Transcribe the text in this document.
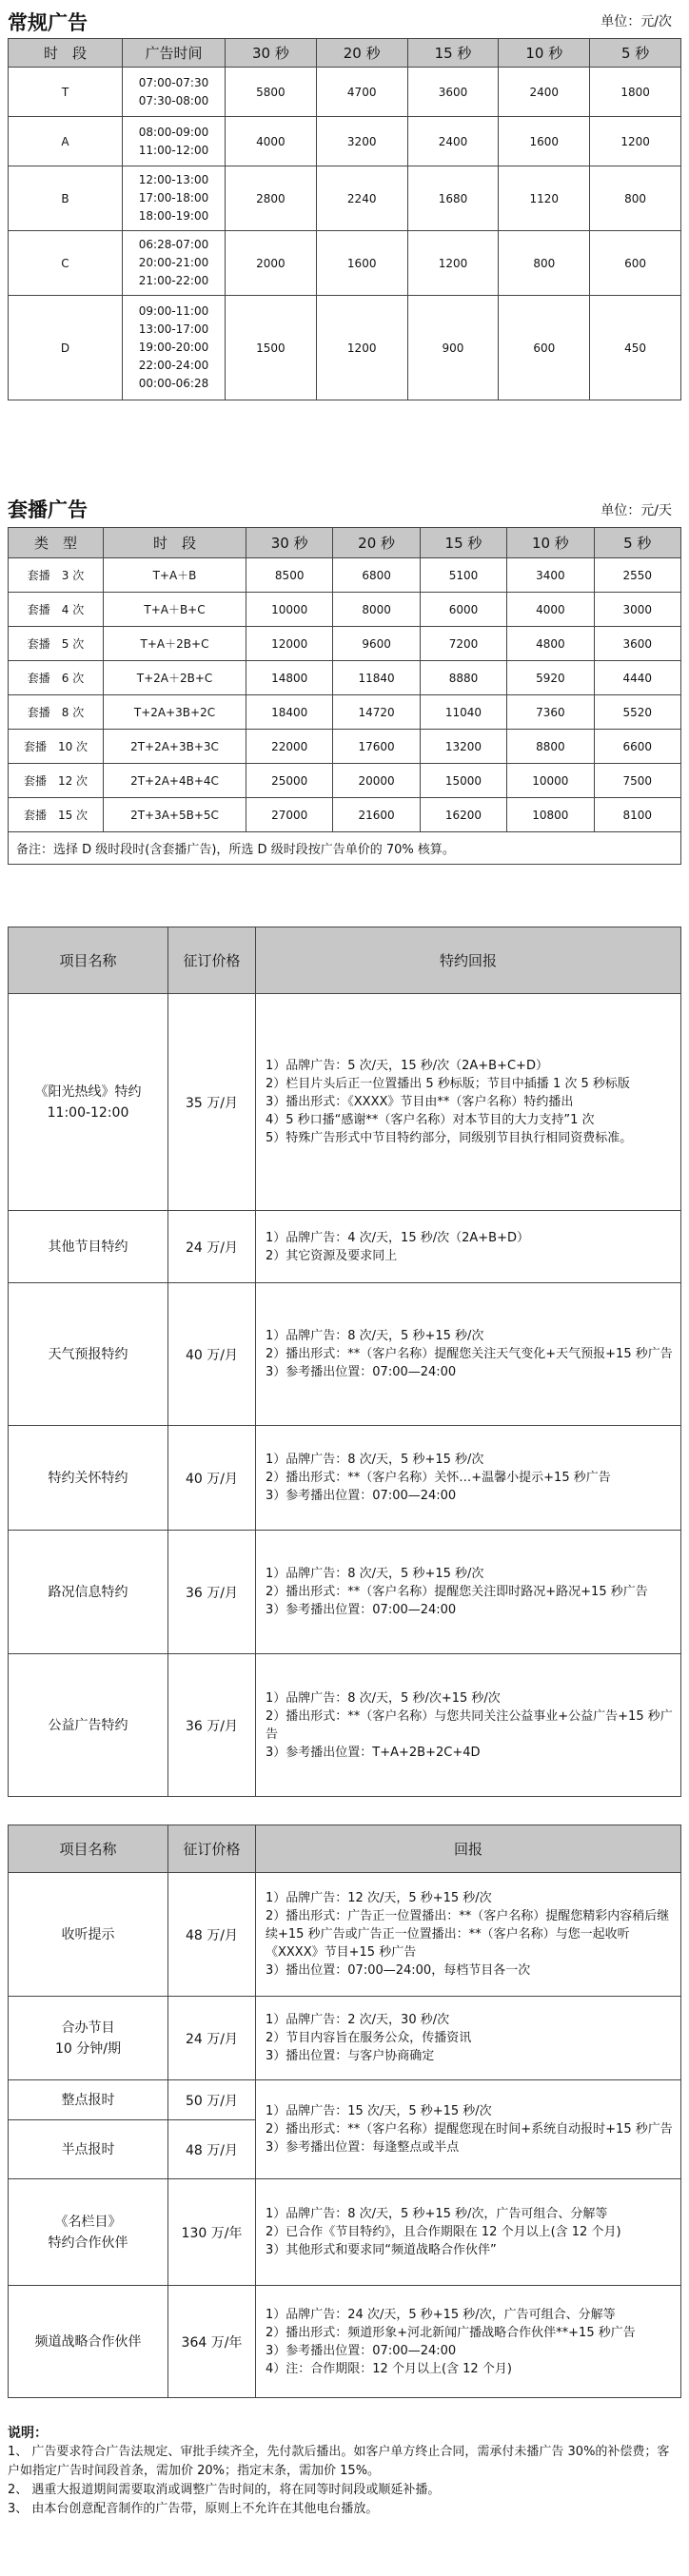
常规广告	单位：元/次
时　段	广告时间	30 秒	20 秒	15 秒	10 秒	5 秒
T	07:00-07:30
07:30-08:00	5800	4700	3600	2400	1800
A	08:00-09:00
11:00-12:00	4000	3200	2400	1600	1200
B	12:00-13:00
17:00-18:00
18:00-19:00	2800	2240	1680	1120	800
C	06:28-07:00
20:00-21:00
21:00-22:00	2000	1600	1200	800	600
D	09:00-11:00
13:00-17:00
19:00-20:00
22:00-24:00
00:00-06:28	1500	1200	900	600	450
套播广告	单位：元/天
类　型	时　段	30 秒	20 秒	15 秒	10 秒	5 秒
套播　3 次	T+A＋B	8500	6800	5100	3400	2550
套播　4 次	T+A＋B+C	10000	8000	6000	4000	3000
套播　5 次	T+A＋2B+C	12000	9600	7200	4800	3600
套播　6 次	T+2A＋2B+C	14800	11840	8880	5920	4440
套播　8 次	T+2A+3B+2C	18400	14720	11040	7360	5520
套播　10 次	2T+2A+3B+3C	22000	17600	13200	8800	6600
套播　12 次	2T+2A+4B+4C	25000	20000	15000	10000	7500
套播　15 次	2T+3A+5B+5C	27000	21600	16200	10800	8100
备注：选择 D 级时段时(含套播广告)，所选 D 级时段按广告单价的 70% 核算。						
项目名称	征订价格	特约回报

《阳光热线》特约
11:00-12:00	35 万/月	1）品牌广告：5 次/天，15 秒/次（2A+B+C+D）
2）栏目片头后正一位置播出 5 秒标版；节目中插播 1 次 5 秒标版
3）播出形式：《XXXX》节目由**（客户名称）特约播出
4）5 秒口播“感谢**（客户名称）对本节目的大力支持”1 次
5）特殊广告形式中节目特约部分，同级别节目执行相同资费标准。

其他节目特约	24 万/月	1）品牌广告：4 次/天，15 秒/次（2A+B+D）
2）其它资源及要求同上

天气预报特约	40 万/月	1）品牌广告：8 次/天，5 秒+15 秒/次
2）播出形式：**（客户名称）提醒您关注天气变化+天气预报+15 秒广告
3）参考播出位置：07:00—24:00

特约关怀特约	40 万/月	1）品牌广告：8 次/天，5 秒+15 秒/次
2）播出形式：**（客户名称）关怀…+温馨小提示+15 秒广告
3）参考播出位置：07:00—24:00

路况信息特约	36 万/月	1）品牌广告：8 次/天，5 秒+15 秒/次
2）播出形式：**（客户名称）提醒您关注即时路况+路况+15 秒广告
3）参考播出位置：07:00—24:00

公益广告特约	36 万/月	1）品牌广告：8 次/天，5 秒/次+15 秒/次
2）播出形式：**（客户名称）与您共同关注公益事业+公益广告+15 秒广告
3）参考播出位置：T+A+2B+2C+4D
项目名称	征订价格	回报

收听提示	48 万/月	1）品牌广告：12 次/天，5 秒+15 秒/次
2）播出形式：广告正一位置播出：**（客户名称）提醒您精彩内容稍后继续+15 秒广告或广告正一位置播出：**（客户名称）与您一起收听《XXXX》节目+15 秒广告
3）播出位置：07:00—24:00，每档节目各一次

合办节目
10 分钟/期	24 万/月	1）品牌广告：2 次/天，30 秒/次
2）节目内容旨在服务公众，传播资讯
3）播出位置：与客户协商确定

整点报时	50 万/月	1）品牌广告：15 次/天，5 秒+15 秒/次
2）播出形式：**（客户名称）提醒您现在时间+系统自动报时+15 秒广告
3）参考播出位置：每逢整点或半点

半点报时	48 万/月	

《名栏目》
特约合作伙伴	130 万/年	1）品牌广告：8 次/天，5 秒+15 秒/次，广告可组合、分解等
2）已合作《节目特约》，且合作期限在 12 个月以上(含 12 个月)
3）其他形式和要求同“频道战略合作伙伴”

频道战略合作伙伴	364 万/年	1）品牌广告：24 次/天，5 秒+15 秒/次，广告可组合、分解等
2）播出形式：频道形象+河北新闻广播战略合作伙伴**+15 秒广告
3）参考播出位置：07:00—24:00
4）注：合作期限：12 个月以上(含 12 个月)
说明：
1、 广告要求符合广告法规定、审批手续齐全，先付款后播出。如客户单方终止合同，需承付未播广告 30%的补偿费；客户如指定广告时间段首条，需加价 20%；指定末条，需加价 15%。
2、 遇重大报道期间需要取消或调整广告时间的，将在同等时间段或顺延补播。
3、 由本台创意配音制作的广告带，原则上不允许在其他电台播放。
